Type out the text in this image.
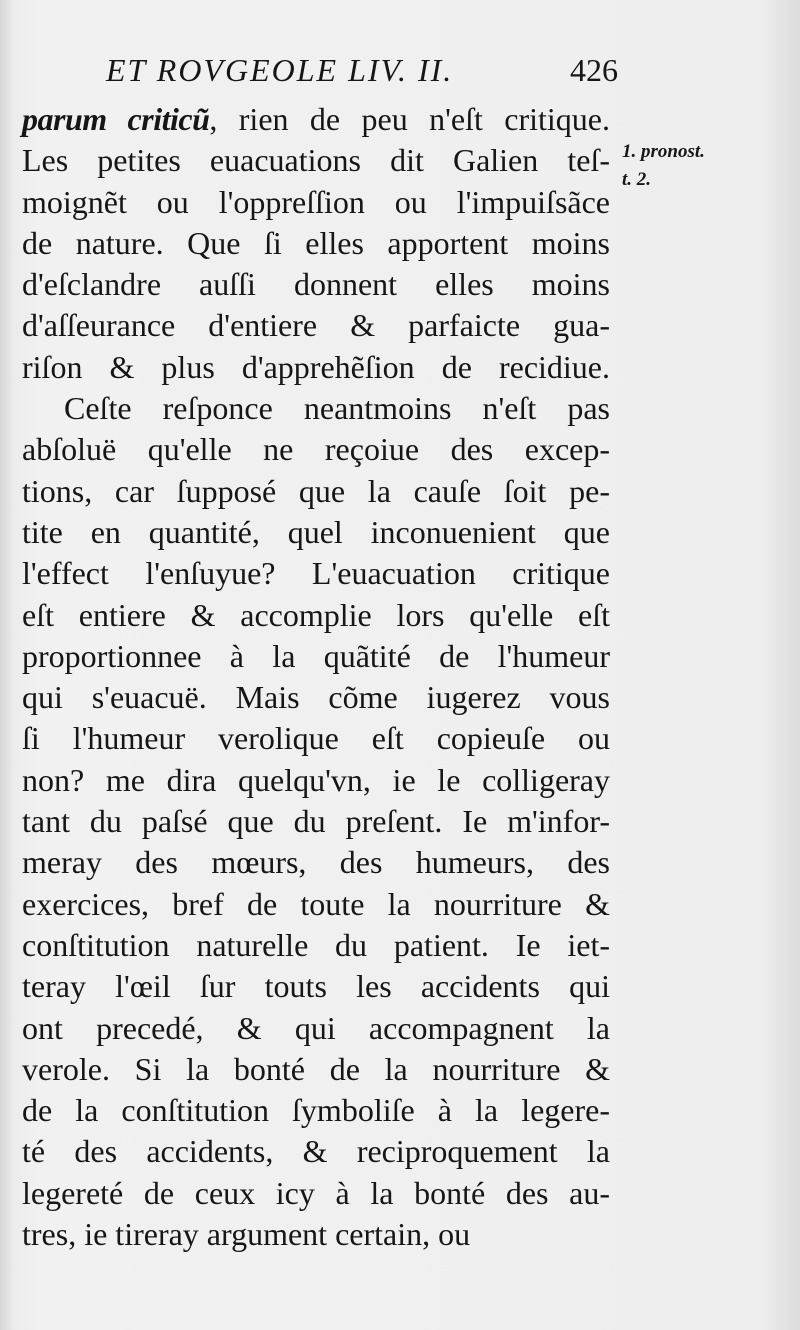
ET ROVGEOLE LIV. II.	426
1. pronost.
t. 2.
parum criticũ, rien de peu n'eſt critique.
Les petites euacuations dit Galien teſ-
moignẽt ou l'oppreſſion ou l'impuiſsãce
de nature. Que ſi elles apportent moins
d'eſclandre auſſi donnent elles moins
d'aſſeurance d'entiere & parfaicte gua-
riſon & plus d'apprehẽſion de recidiue.
Ceſte reſponce neantmoins n'eſt pas
abſoluë qu'elle ne reçoiue des excep-
tions, car ſupposé que la cauſe ſoit pe-
tite en quantité, quel inconuenient que
l'effect l'enſuyue? L'euacuation critique
eſt entiere & accomplie lors qu'elle eſt
proportionnee à la quãtité de l'humeur
qui s'euacuë. Mais cõme iugerez vous
ſi l'humeur verolique eſt copieuſe ou
non? me dira quelqu'vn, ie le colligeray
tant du paſsé que du preſent. Ie m'infor-
meray des mœurs, des humeurs, des
exercices, bref de toute la nourriture &
conſtitution naturelle du patient. Ie iet-
teray l'œil ſur touts les accidents qui
ont precedé, & qui accompagnent la
verole. Si la bonté de la nourriture &
de la conſtitution ſymboliſe à la legere-
té des accidents, & reciproquement la
legereté de ceux icy à la bonté des au-
tres, ie tireray argument certain, ou
